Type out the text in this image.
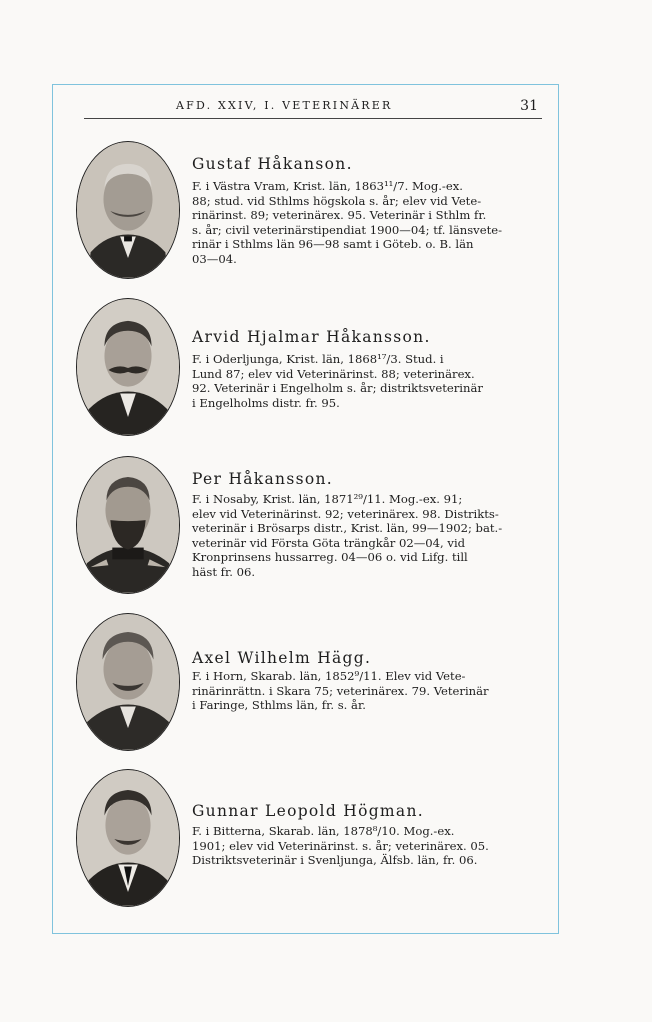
AFD. XXIV, I. VETERINÄRER	31
Gustaf Håkanson.
F. i Västra Vram, Krist. län, 1863¹¹/7. Mog.-ex.
88; stud. vid Sthlms högskola s. år; elev vid Vete-
rinärinst. 89; veterinärex. 95. Veterinär i Sthlm fr.
s. år; civil veterinärstipendiat 1900—04; tf. länsvete-
rinär i Sthlms län 96—98 samt i Göteb. o. B. län
03—04.
Arvid Hjalmar Håkansson.
F. i Oderljunga, Krist. län, 1868¹⁷/3. Stud. i
Lund 87; elev vid Veterinärinst. 88; veterinärex.
92. Veterinär i Engelholm s. år; distriktsveterinär
i Engelholms distr. fr. 95.
Per Håkansson.
F. i Nosaby, Krist. län, 1871²⁹/11. Mog.-ex. 91;
elev vid Veterinärinst. 92; veterinärex. 98. Distrikts-
veterinär i Brösarps distr., Krist. län, 99—1902; bat.-
veterinär vid Första Göta trängkår 02—04, vid
Kronprinsens hussarreg. 04—06 o. vid Lifg. till
häst fr. 06.
Axel Wilhelm Hägg.
F. i Horn, Skarab. län, 1852⁹/11. Elev vid Vete-
rinärinrättn. i Skara 75; veterinärex. 79. Veterinär
i Faringe, Sthlms län, fr. s. år.
Gunnar Leopold Högman.
F. i Bitterna, Skarab. län, 1878⁸/10. Mog.-ex.
1901; elev vid Veterinärinst. s. år; veterinärex. 05.
Distriktsveterinär i Svenljunga, Älfsb. län, fr. 06.
